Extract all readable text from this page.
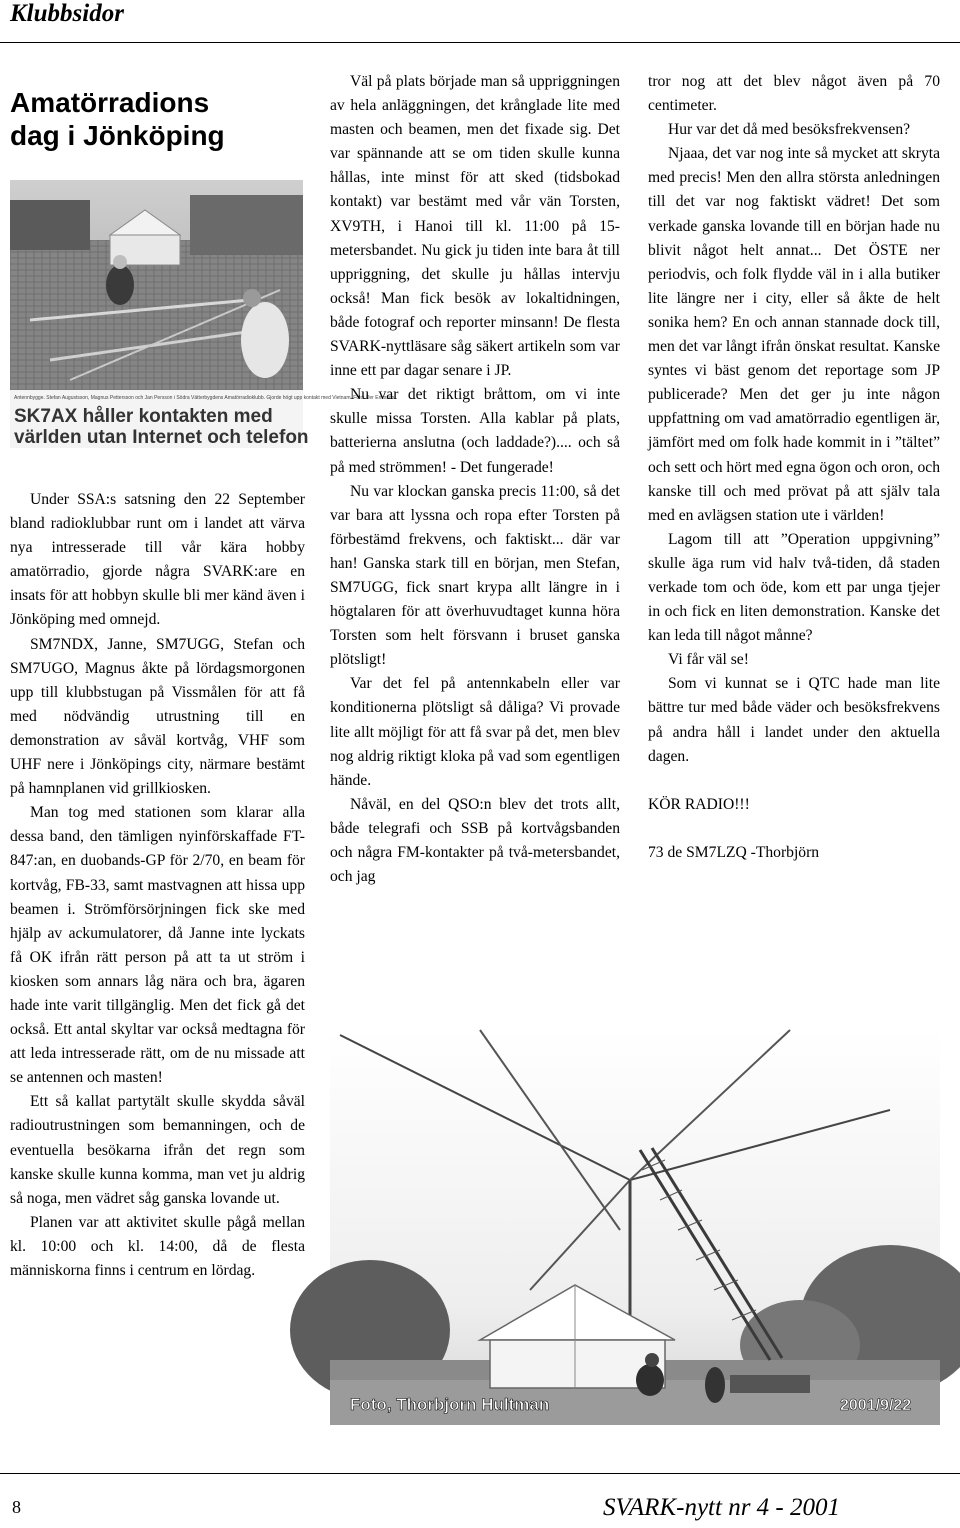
Klubbsidor
Amatörradions
dag i Jönköping
Antennbygge. Stefan Augustsson, Magnus Pettersson och Jan Persson i Södra Vätterbygdens Amatörradioklubb. Gjorde högt upp kontakt med Vietnam. Foto: Per Ericsson
SK7AX håller kontakten med
världen utan Internet och telefon

Under SSA:s satsning den 22 September bland radioklubbar runt om i landet att värva nya intresserade till vår kära hobby amatörradio, gjorde några SVARK:are en insats för att hobbyn skulle bli mer känd även i Jönköping med omnejd.

SM7NDX, Janne, SM7UGG, Stefan och SM7UGO, Magnus åkte på lördagsmorgonen upp till klubbstugan på Vissmålen för att få med nödvändig utrustning till en demonstration av såväl kortvåg, VHF som UHF nere i Jönköpings city, närmare bestämt på hamnplanen vid grillkiosken.

Man tog med stationen som klarar alla dessa band, den tämligen nyinförskaffade FT-847:an, en duobands-GP för 2/70, en beam för kortvåg, FB-33, samt mastvagnen att hissa upp beamen i. Strömförsörjningen fick ske med hjälp av ackumulatorer, då Janne inte lyckats få OK ifrån rätt person på att ta ut ström i kiosken som annars låg nära och bra, ägaren hade inte varit tillgänglig. Men det fick gå det också. Ett antal skyltar var också medtagna för att leda intresserade rätt, om de nu missade att se antennen och masten!

Ett så kallat partytält skulle skydda såväl radioutrustningen som bemanningen, och de eventuella besökarna ifrån det regn som kanske skulle kunna komma, man vet ju aldrig så noga, men vädret såg ganska lovande ut.

Planen var att aktivitet skulle pågå mellan kl. 10:00 och kl. 14:00, då de flesta människorna finns i centrum en lördag.

Väl på plats började man så uppriggningen av hela anläggningen, det krånglade lite med masten och beamen, men det fixade sig. Det var spännande att se om tiden skulle kunna hållas, inte minst för att sked (tidsbokad kontakt) var bestämt med vår vän Torsten, XV9TH, i Hanoi till kl. 11:00 på 15-metersbandet. Nu gick ju tiden inte bara åt till uppriggning, det skulle ju hållas intervju också! Man fick besök av lokaltidningen, både fotograf och reporter minsann! De flesta SVARK-nyttläsare såg säkert artikeln som var inne ett par dagar senare i JP.

Nu var det riktigt bråttom, om vi inte skulle missa Torsten. Alla kablar på plats, batterierna anslutna (och laddade?).... och så på med strömmen! - Det fungerade!

Nu var klockan ganska precis 11:00, så det var bara att lyssna och ropa efter Torsten på förbestämd frekvens, och faktiskt... där var han! Ganska stark till en början, men Stefan, SM7UGG, fick snart krypa allt längre in i högtalaren för att överhuvudtaget kunna höra Torsten som helt försvann i bruset ganska plötsligt!

Var det fel på antennkabeln eller var konditionerna plötsligt så dåliga? Vi provade lite allt möjligt för att få svar på det, men blev nog aldrig riktigt kloka på vad som egentligen hände.

Nåväl, en del QSO:n blev det trots allt, både telegrafi och SSB på kortvågsbanden och några FM-kontakter på två-metersbandet, och jag

tror nog att det blev något även på 70 centimeter.

Hur var det då med besöksfrekvensen?

Njaaa, det var nog inte så mycket att skryta med precis! Men den allra största anledningen till det var nog faktiskt vädret! Det som verkade ganska lovande till en början hade nu blivit något helt annat... Det ÖSTE ner periodvis, och folk flydde väl in i alla butiker lite längre ner i city, eller så åkte de helt sonika hem? En och annan stannade dock till, men det var långt ifrån önskat resultat. Kanske syntes vi bäst genom det reportage som JP publicerade? Men det ger ju inte någon uppfattning om vad amatörradio egentligen är, jämfört med om folk hade kommit in i ”tältet” och sett och hört med egna ögon och oron, och kanske till och med prövat på att själv tala med en avlägsen station ute i världen!

Lagom till att ”Operation uppgivning” skulle äga rum vid halv två-tiden, då staden verkade tom och öde, kom ett par unga tjejer in och fick en liten demonstration. Kanske det kan leda till något månne?

Vi får väl se!

Som vi kunnat se i QTC hade man lite bättre tur med både väder och besöksfrekvens på andra håll i landet under den aktuella dagen.

KÖR RADIO!!!

73 de SM7LZQ -Thorbjörn

Foto, Thorbjorn Hultman	2001/9/22
8	SVARK-nytt nr 4 - 2001
